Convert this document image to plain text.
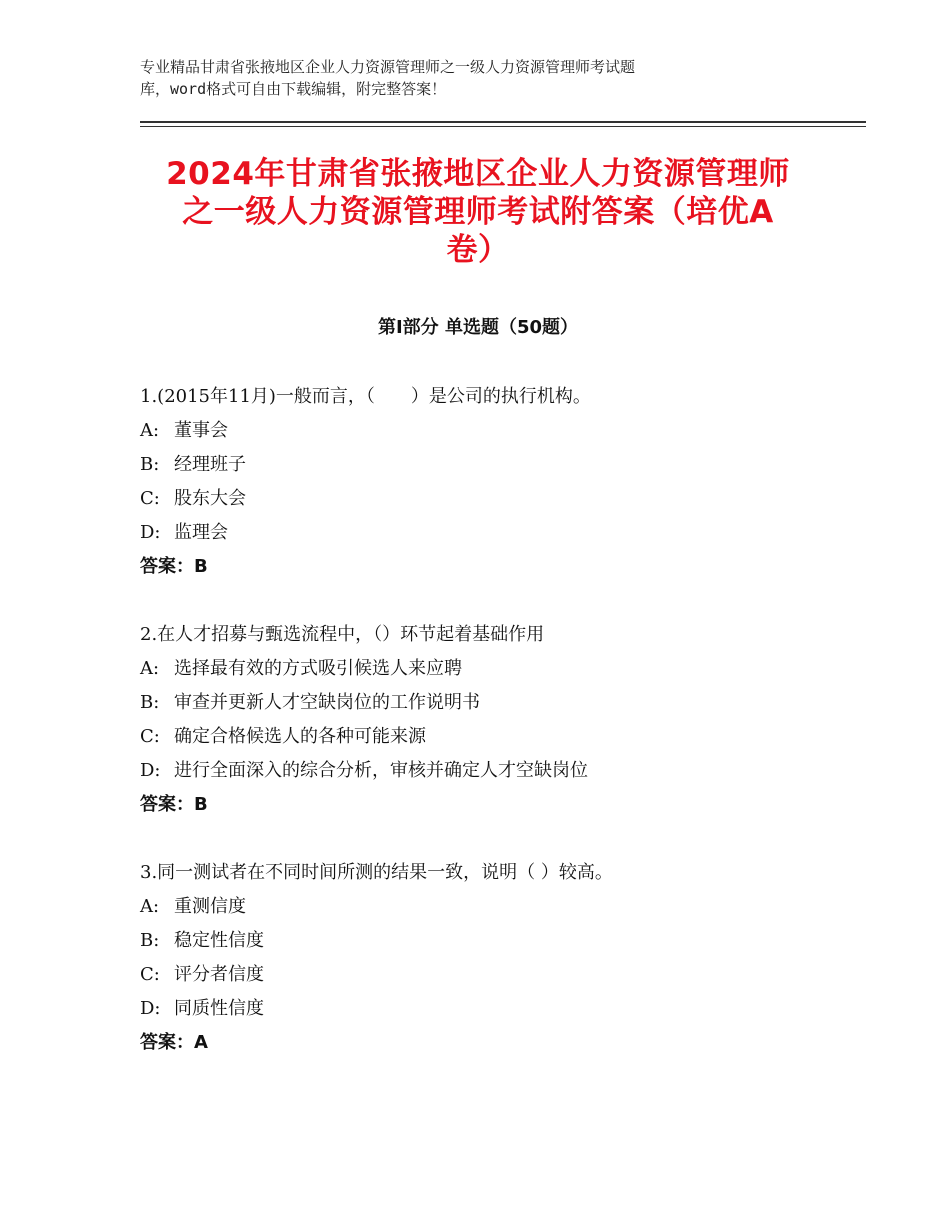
专业精品甘肃省张掖地区企业人力资源管理师之一级人力资源管理师考试题
库，word格式可自由下载编辑，附完整答案！
2024年甘肃省张掖地区企业人力资源管理师
之一级人力资源管理师考试附答案（培优A
卷）
第Ⅰ部分 单选题（50题）
1.(2015年11月)一般而言，（　　）是公司的执行机构。
A: 董事会
B: 经理班子
C: 股东大会
D: 监理会
答案：B
2.在人才招募与甄选流程中，（）环节起着基础作用
A: 选择最有效的方式吸引候选人来应聘
B: 审查并更新人才空缺岗位的工作说明书
C: 确定合格候选人的各种可能来源
D: 进行全面深入的综合分析，审核并确定人才空缺岗位
答案：B
3.同一测试者在不同时间所测的结果一致，说明（ ）较高。
A: 重测信度
B: 稳定性信度
C: 评分者信度
D: 同质性信度
答案：A
